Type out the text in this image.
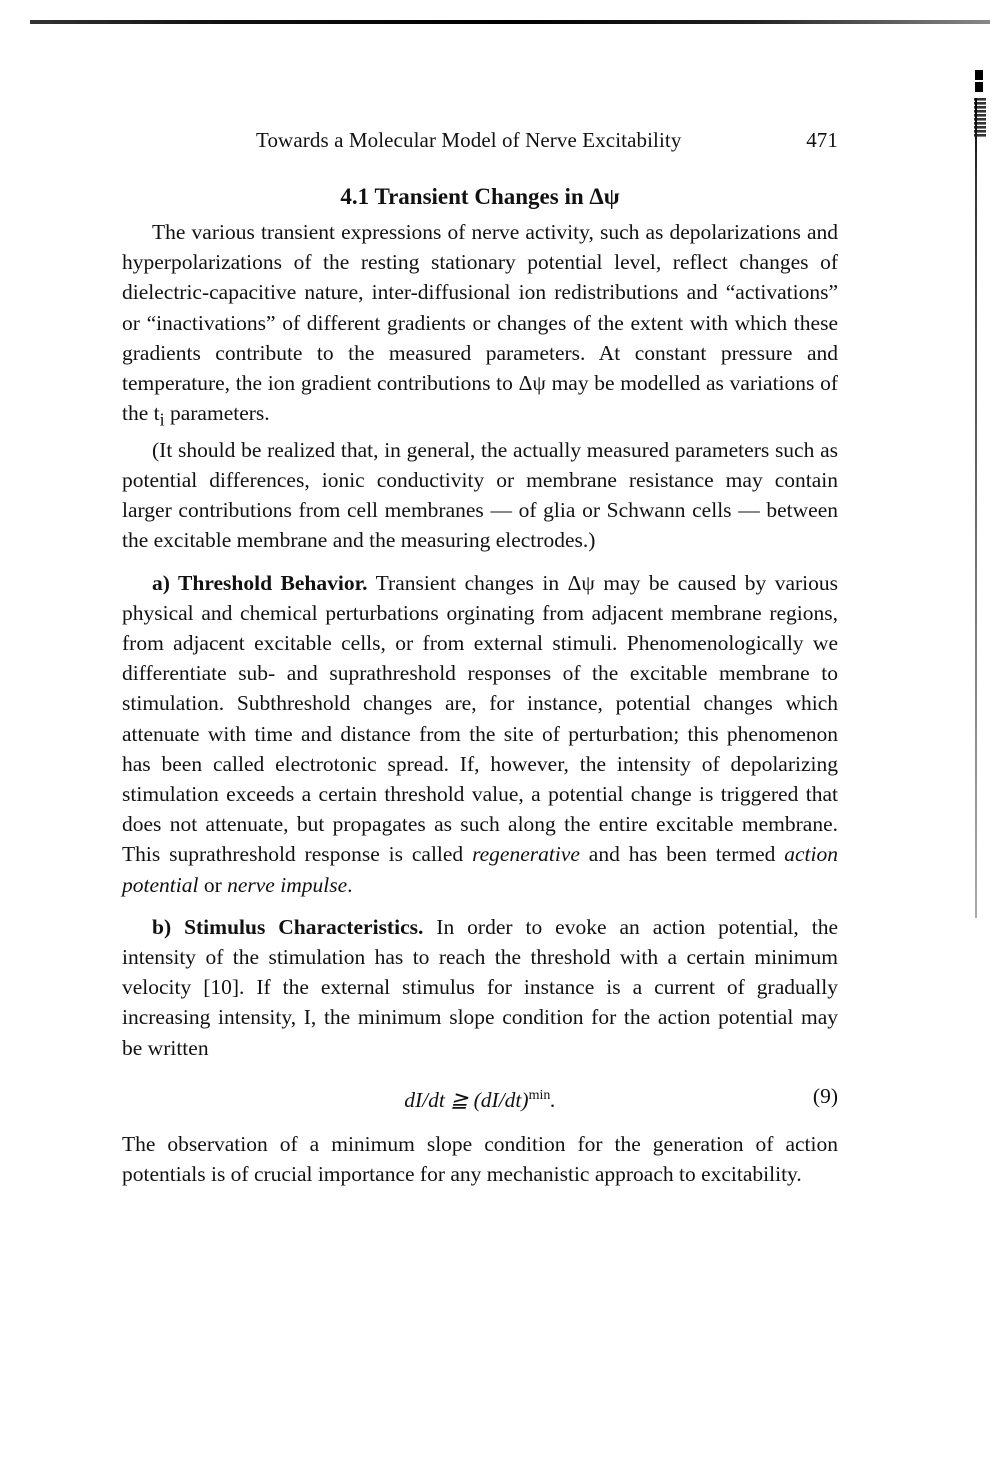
Towards a Molecular Model of Nerve Excitability	471
4.1 Transient Changes in Δψ

The various transient expressions of nerve activity, such as depolarizations and hyperpolarizations of the resting stationary potential level, reflect changes of dielectric-capacitive nature, inter-diffusional ion redistributions and “activations” or “inactivations” of different gradients or changes of the extent with which these gradients contribute to the measured parameters. At constant pressure and temperature, the ion gradient contributions to Δψ may be modelled as variations of the $t_i$ parameters.

(It should be realized that, in general, the actually measured parameters such as potential differences, ionic conductivity or membrane resistance may contain larger contributions from cell membranes — of glia or Schwann cells — between the excitable membrane and the measuring electrodes.)

a) Threshold Behavior. Transient changes in Δψ may be caused by various physical and chemical perturbations orginating from adjacent membrane regions, from adjacent excitable cells, or from external stimuli. Phenomenologically we differentiate sub- and suprathreshold responses of the excitable membrane to stimulation. Subthreshold changes are, for instance, potential changes which attenuate with time and distance from the site of perturbation; this phenomenon has been called electrotonic spread. If, however, the intensity of depolarizing stimulation exceeds a certain threshold value, a potential change is triggered that does not attenuate, but propagates as such along the entire excitable membrane. This suprathreshold response is called regenerative and has been termed action potential or nerve impulse.

b) Stimulus Characteristics. In order to evoke an action potential, the intensity of the stimulation has to reach the threshold with a certain minimum velocity [10]. If the external stimulus for instance is a current of gradually increasing intensity, I, the minimum slope condition for the action potential may be written

dI/dt ≧ $(dI/dt)^{min}$.	(9)

The observation of a minimum slope condition for the generation of action potentials is of crucial importance for any mechanistic approach to excitability.
